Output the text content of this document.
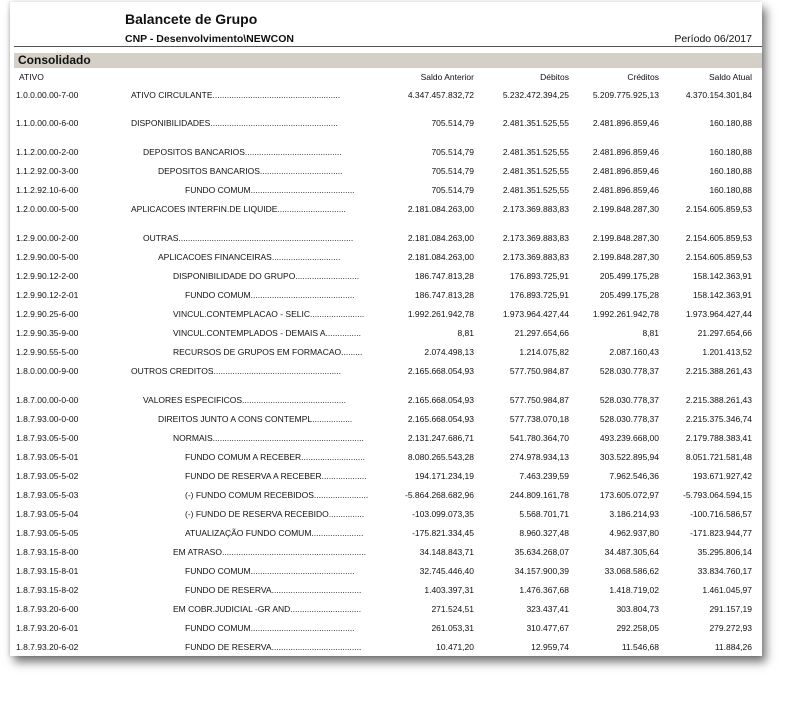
Balancete de Grupo
CNP - Desenvolvimento\NEWCON	Período 06/2017
Consolidado
ATIVO	Saldo Anterior	Débitos	Créditos	Saldo Atual
1.0.0.00.00-7-00	ATIVO CIRCULANTE......................................................	4.347.457.832,72	5.232.472.394,25	5.209.775.925,13	4.370.154.301,84
1.1.0.00.00-6-00	DISPONIBILIDADES......................................................	705.514,79	2.481.351.525,55	2.481.896.859,46	160.180,88
1.1.2.00.00-2-00	DEPOSITOS BANCARIOS.........................................	705.514,79	2.481.351.525,55	2.481.896.859,46	160.180,88
1.1.2.92.00-3-00	DEPOSITOS BANCARIOS...................................	705.514,79	2.481.351.525,55	2.481.896.859,46	160.180,88
1.1.2.92.10-6-00	FUNDO COMUM............................................	705.514,79	2.481.351.525,55	2.481.896.859,46	160.180,88
1.2.0.00.00-5-00	APLICACOES INTERFIN.DE LIQUIDE.............................	2.181.084.263,00	2.173.369.883,83	2.199.848.287,30	2.154.605.859,53
1.2.9.00.00-2-00	OUTRAS..........................................................................	2.181.084.263,00	2.173.369.883,83	2.199.848.287,30	2.154.605.859,53
1.2.9.90.00-5-00	APLICACOES FINANCEIRAS.............................	2.181.084.263,00	2.173.369.883,83	2.199.848.287,30	2.154.605.859,53
1.2.9.90.12-2-00	DISPONIBILIDADE DO GRUPO...........................	186.747.813,28	176.893.725,91	205.499.175,28	158.142.363,91
1.2.9.90.12-2-01	FUNDO COMUM............................................	186.747.813,28	176.893.725,91	205.499.175,28	158.142.363,91
1.2.9.90.25-6-00	VINCUL.CONTEMPLACAO - SELIC.......................	1.992.261.942,78	1.973.964.427,44	1.992.261.942,78	1.973.964.427,44
1.2.9.90.35-9-00	VINCUL.CONTEMPLADOS - DEMAIS A...............	8,81	21.297.654,66	8,81	21.297.654,66
1.2.9.90.55-5-00	RECURSOS DE GRUPOS EM FORMACAO.........	2.074.498,13	1.214.075,82	2.087.160,43	1.201.413,52
1.8.0.00.00-9-00	OUTROS CREDITOS......................................................	2.165.668.054,93	577.750.984,87	528.030.778,37	2.215.388.261,43
1.8.7.00.00-0-00	VALORES ESPECIFICOS............................................	2.165.668.054,93	577.750.984,87	528.030.778,37	2.215.388.261,43
1.8.7.93.00-0-00	DIREITOS JUNTO A CONS CONTEMPL.................	2.165.668.054,93	577.738.070,18	528.030.778,37	2.215.375.346,74
1.8.7.93.05-5-00	NORMAIS................................................................	2.131.247.686,71	541.780.364,70	493.239.668,00	2.179.788.383,41
1.8.7.93.05-5-01	FUNDO COMUM A RECEBER...........................	8.080.265.543,28	274.978.934,13	303.522.895,94	8.051.721.581,48
1.8.7.93.05-5-02	FUNDO DE RESERVA A RECEBER...................	194.171.234,19	7.463.239,59	7.962.546,36	193.671.927,42
1.8.7.93.05-5-03	(-) FUNDO COMUM RECEBIDOS.......................	-5.864.268.682,96	244.809.161,78	173.605.072,97	-5.793.064.594,15
1.8.7.93.05-5-04	(-) FUNDO DE RESERVA RECEBIDO...............	-103.099.073,35	5.568.701,71	3.186.214,93	-100.716.586,57
1.8.7.93.05-5-05	ATUALIZAÇÃO FUNDO COMUM......................	-175.821.334,45	8.960.327,48	4.962.937,80	-171.823.944,77
1.8.7.93.15-8-00	EM ATRASO.............................................................	34.148.843,71	35.634.268,07	34.487.305,64	35.295.806,14
1.8.7.93.15-8-01	FUNDO COMUM............................................	32.745.446,40	34.157.900,39	33.068.586,62	33.834.760,17
1.8.7.93.15-8-02	FUNDO DE RESERVA......................................	1.403.397,31	1.476.367,68	1.418.719,02	1.461.045,97
1.8.7.93.20-6-00	EM COBR.JUDICIAL -GR AND..............................	271.524,51	323.437,41	303.804,73	291.157,19
1.8.7.93.20-6-01	FUNDO COMUM............................................	261.053,31	310.477,67	292.258,05	279.272,93
1.8.7.93.20-6-02	FUNDO DE RESERVA......................................	10.471,20	12.959,74	11.546,68	11.884,26
